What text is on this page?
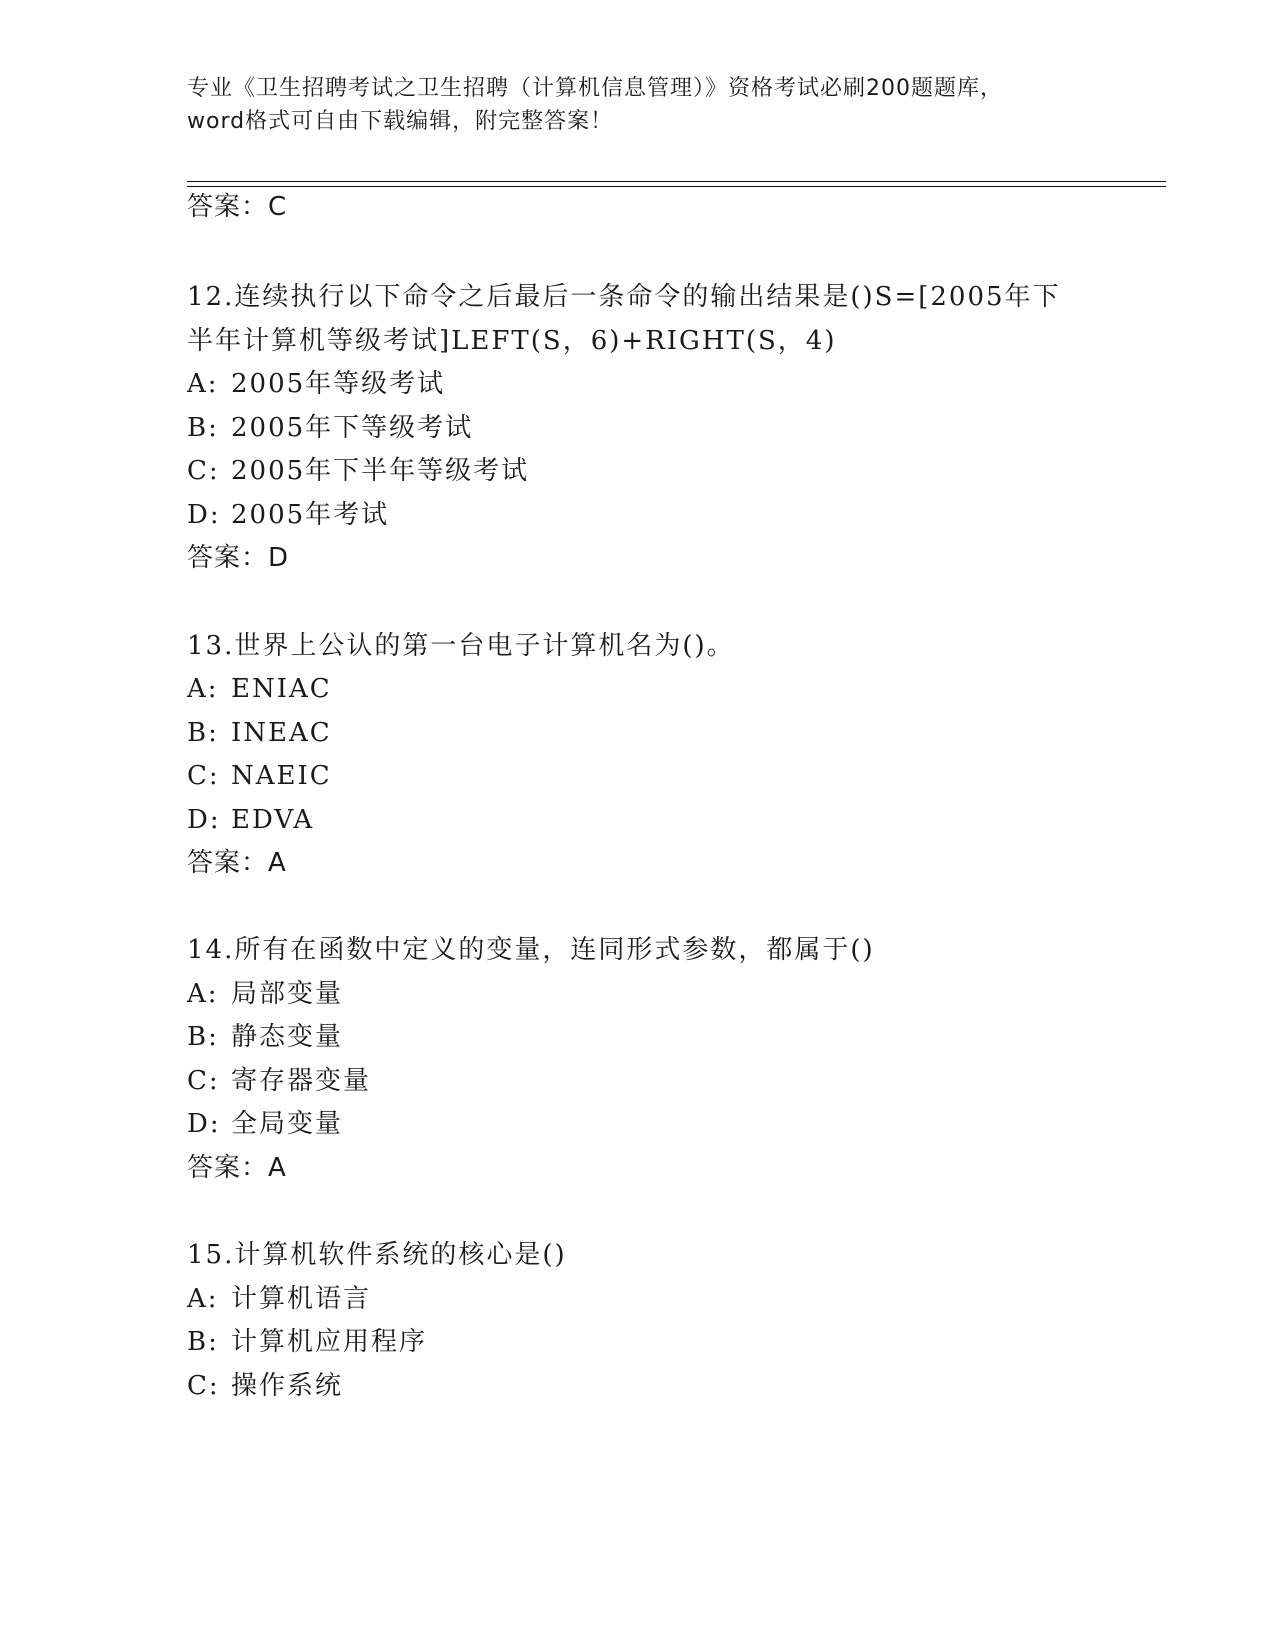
专业《卫生招聘考试之卫生招聘（计算机信息管理）》资格考试必刷200题题库，

word格式可自由下载编辑，附完整答案！

答案：C
12.连续执行以下命令之后最后一条命令的输出结果是()S=[2005年下
半年计算机等级考试]LEFT(S，6)+RIGHT(S，4)
A: 2005年等级考试
B: 2005年下等级考试
C: 2005年下半年等级考试
D: 2005年考试
答案：D
13.世界上公认的第一台电子计算机名为()。
A: ENIAC
B: INEAC
C: NAEIC
D: EDVA
答案：A
14.所有在函数中定义的变量，连同形式参数，都属于()
A: 局部变量
B: 静态变量
C: 寄存器变量
D: 全局变量
答案：A
15.计算机软件系统的核心是()
A: 计算机语言
B: 计算机应用程序
C: 操作系统
